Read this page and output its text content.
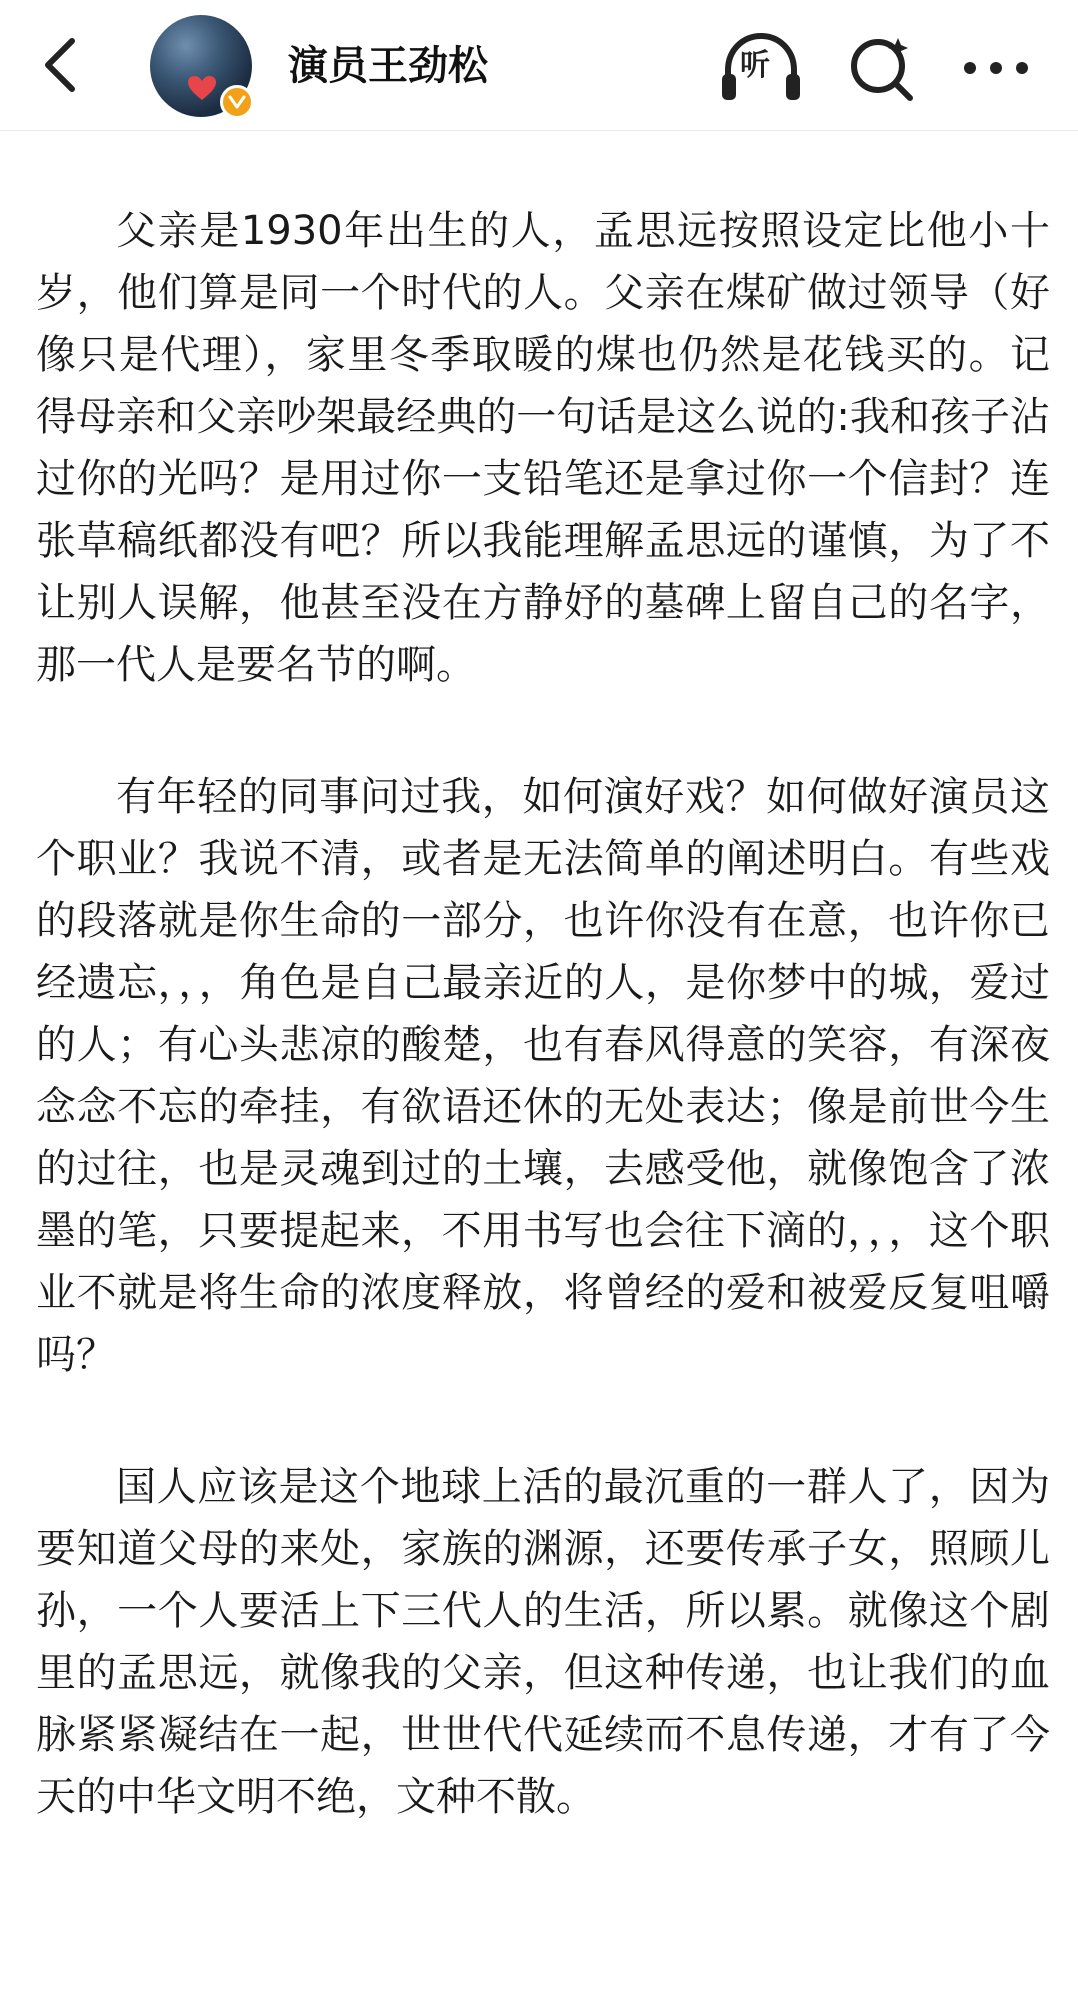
演员王劲松	听

父亲是1930年出生的人，孟思远按照设定比他小十岁，他们算是同一个时代的人。父亲在煤矿做过领导（好像只是代理），家里冬季取暖的煤也仍然是花钱买的。记得母亲和父亲吵架最经典的一句话是这么说的:我和孩子沾过你的光吗？是用过你一支铅笔还是拿过你一个信封？连张草稿纸都没有吧？所以我能理解孟思远的谨慎，为了不让别人误解，他甚至没在方静妤的墓碑上留自己的名字，那一代人是要名节的啊。

有年轻的同事问过我，如何演好戏？如何做好演员这个职业？我说不清，或者是无法简单的阐述明白。有些戏的段落就是你生命的一部分，也许你没有在意，也许你已经遗忘，，，角色是自己最亲近的人，是你梦中的城，爱过的人；有心头悲凉的酸楚，也有春风得意的笑容，有深夜念念不忘的牵挂，有欲语还休的无处表达；像是前世今生的过往，也是灵魂到过的土壤，去感受他，就像饱含了浓墨的笔，只要提起来，不用书写也会往下滴的，，，这个职业不就是将生命的浓度释放，将曾经的爱和被爱反复咀嚼吗？

国人应该是这个地球上活的最沉重的一群人了，因为要知道父母的来处，家族的渊源，还要传承子女，照顾儿孙，一个人要活上下三代人的生活，所以累。就像这个剧里的孟思远，就像我的父亲，但这种传递，也让我们的血脉紧紧凝结在一起，世世代代延续而不息传递，才有了今天的中华文明不绝，文种不散。
